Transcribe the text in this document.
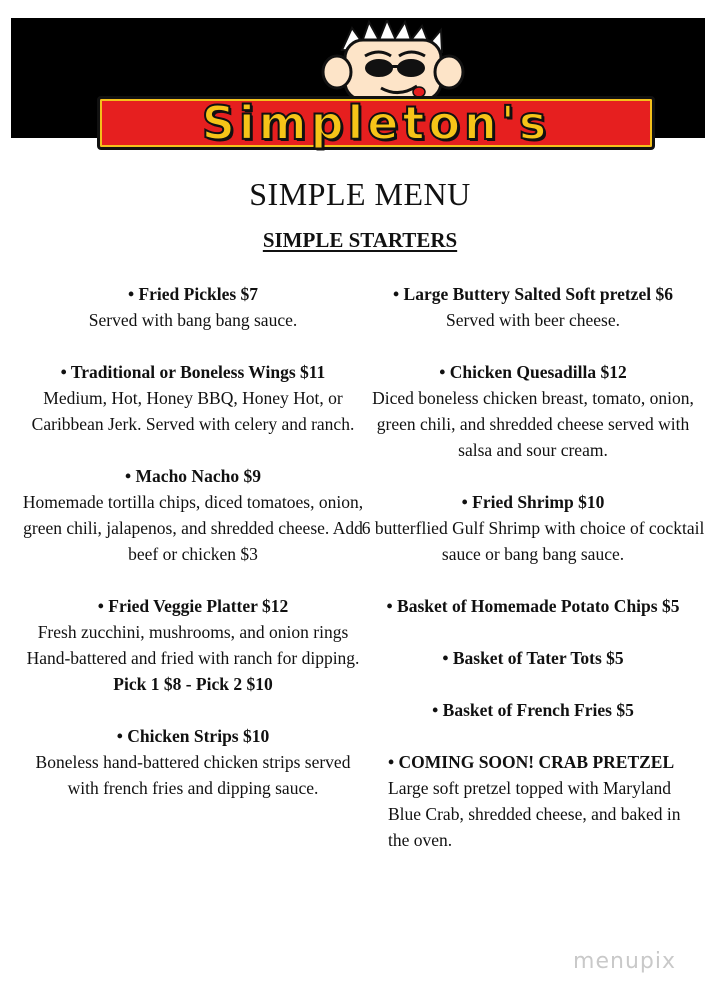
Simpleton's
SIMPLE MENU
SIMPLE STARTERS
• Fried Pickles $7
Served with bang bang sauce.
• Traditional or Boneless Wings $11
Medium, Hot, Honey BBQ, Honey Hot, or Caribbean Jerk. Served with celery and ranch.
• Macho Nacho $9
Homemade tortilla chips, diced tomatoes, onion, green chili, jalapenos, and shredded cheese. Add beef or chicken $3
• Fried Veggie Platter $12
Fresh zucchini, mushrooms, and onion rings Hand-battered and fried with ranch for dipping.
Pick 1 $8 - Pick 2 $10
• Chicken Strips $10
Boneless hand-battered chicken strips served with french fries and dipping sauce.
• Large Buttery Salted Soft pretzel $6
Served with beer cheese.
• Chicken Quesadilla $12
Diced boneless chicken breast, tomato, onion, green chili, and shredded cheese served with salsa and sour cream.
• Fried Shrimp $10
6 butterflied Gulf Shrimp with choice of cocktail sauce or bang bang sauce.
• Basket of Homemade Potato Chips $5
• Basket of Tater Tots $5
• Basket of French Fries $5
• COMING SOON! CRAB PRETZEL Large soft pretzel topped with Maryland Blue Crab, shredded cheese, and baked in the oven.
menupix
